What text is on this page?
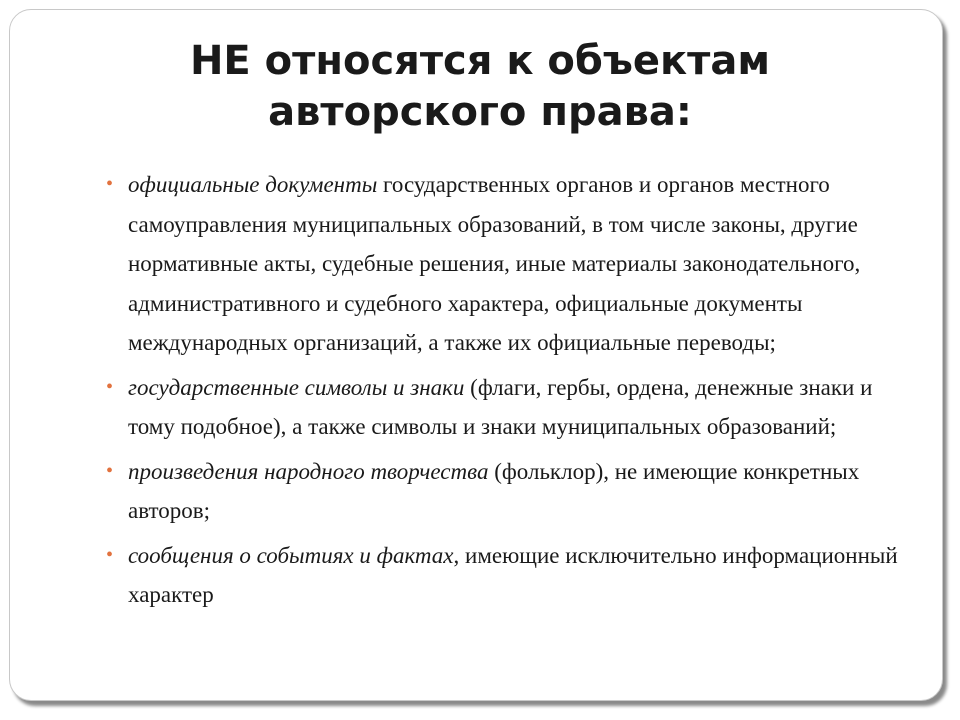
НЕ относятся к объектам
авторского права:
• официальные документы государственных органов и органов местного самоуправления муниципальных образований, в том числе законы, другие нормативные акты, судебные решения, иные материалы законодательного, административного и судебного характера, официальные документы международных организаций, а также их официальные переводы;
• государственные символы и знаки (флаги, гербы, ордена, денежные знаки и тому подобное), а также символы и знаки муниципальных образований;
• произведения народного творчества (фольклор), не имеющие конкретных авторов;
• сообщения о событиях и фактах, имеющие исключительно информационный характер
